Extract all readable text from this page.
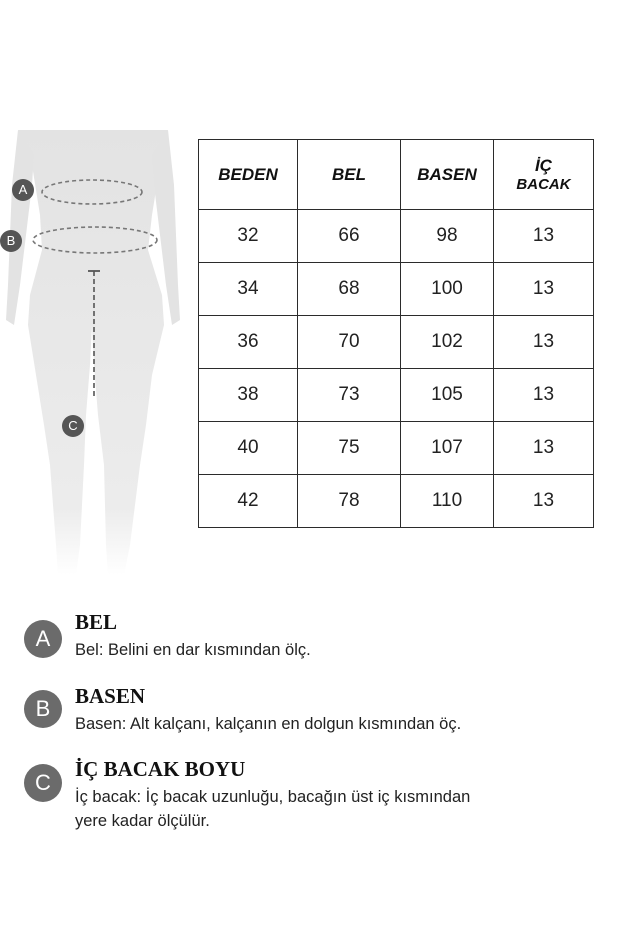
A
B
C
BEDEN	BEL	BASEN	İÇ
BACAK

32	66	98	13
34	68	100	13
36	70	102	13
38	73	105	13
40	75	107	13
42	78	110	13
A
BEL
Bel: Belini en dar kısmından ölç.
B	BASEN
Basen: Alt kalçanı, kalçanın en dolgun kısmından öç.
C
İÇ BACAK BOYU
İç bacak: İç bacak uzunluğu, bacağın üst iç kısmından
yere kadar ölçülür.
